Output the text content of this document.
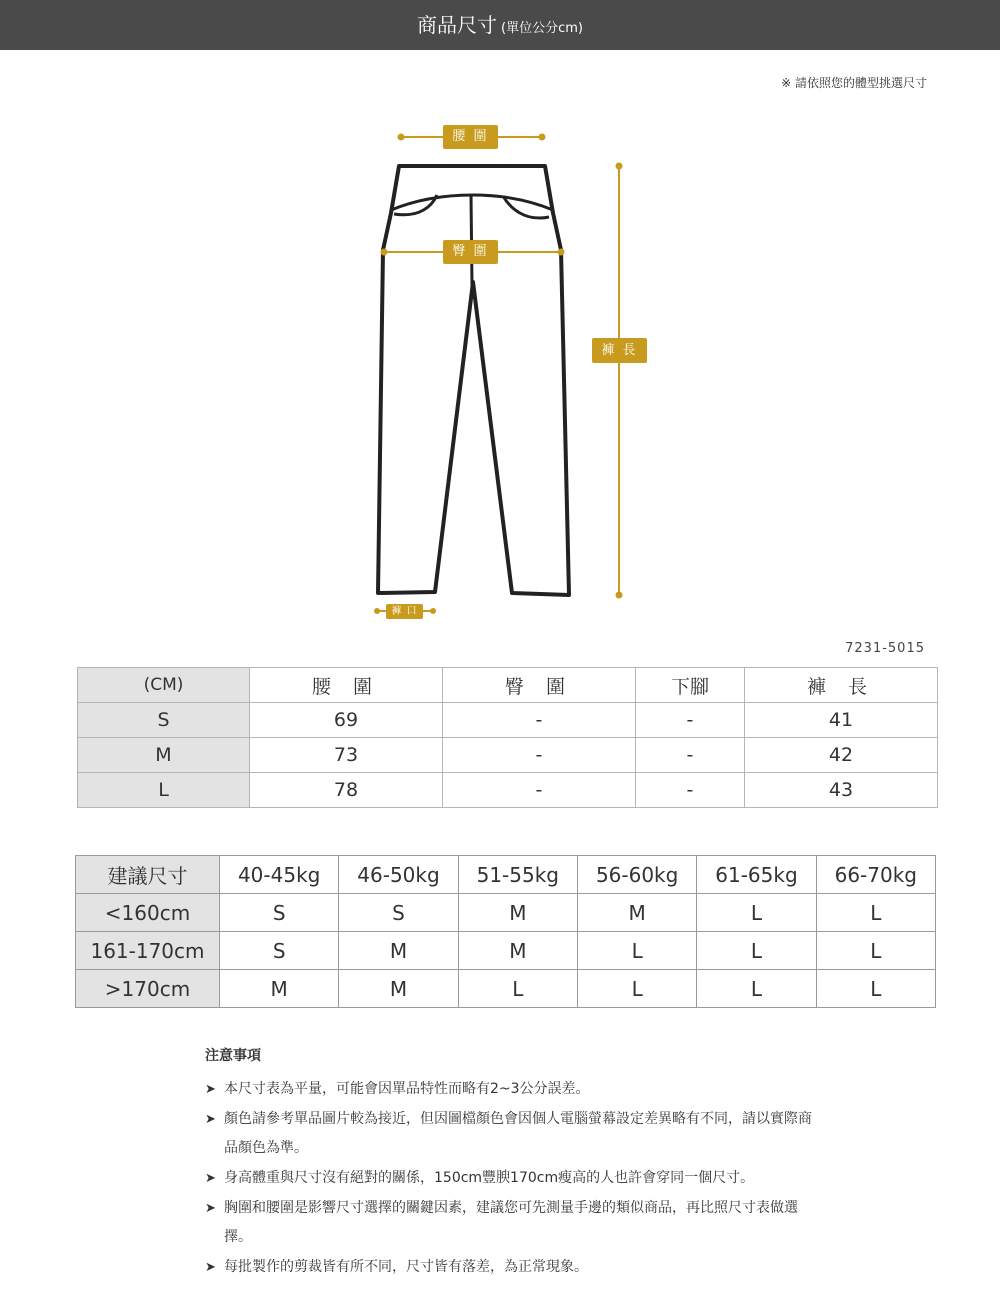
商品尺寸 (單位公分cm)
※ 請依照您的體型挑選尺寸
腰 圍
臀 圍
褲 長
褲 口
7231-5015
(CM)	腰 圍	臀 圍	下腳	褲 長
S	69	-	-	41
M	73	-	-	42
L	78	-	-	43
建議尺寸	40-45kg	46-50kg	51-55kg	56-60kg	61-65kg	66-70kg
<160cm	S	S	M	M	L	L
161-170cm	S	M	M	L	L	L
>170cm	M	M	L	L	L	L
注意事項
➤ 本尺寸表為平量，可能會因單品特性而略有2~3公分誤差。
➤ 顏色請參考單品圖片較為接近，但因圖檔顏色會因個人電腦螢幕設定差異略有不同，請以實際商品顏色為準。
➤ 身高體重與尺寸沒有絕對的關係，150cm豐腴170cm瘦高的人也許會穿同一個尺寸。
➤ 胸圍和腰圍是影響尺寸選擇的關鍵因素，建議您可先測量手邊的類似商品，再比照尺寸表做選擇。
➤ 每批製作的剪裁皆有所不同，尺寸皆有落差，為正常現象。
